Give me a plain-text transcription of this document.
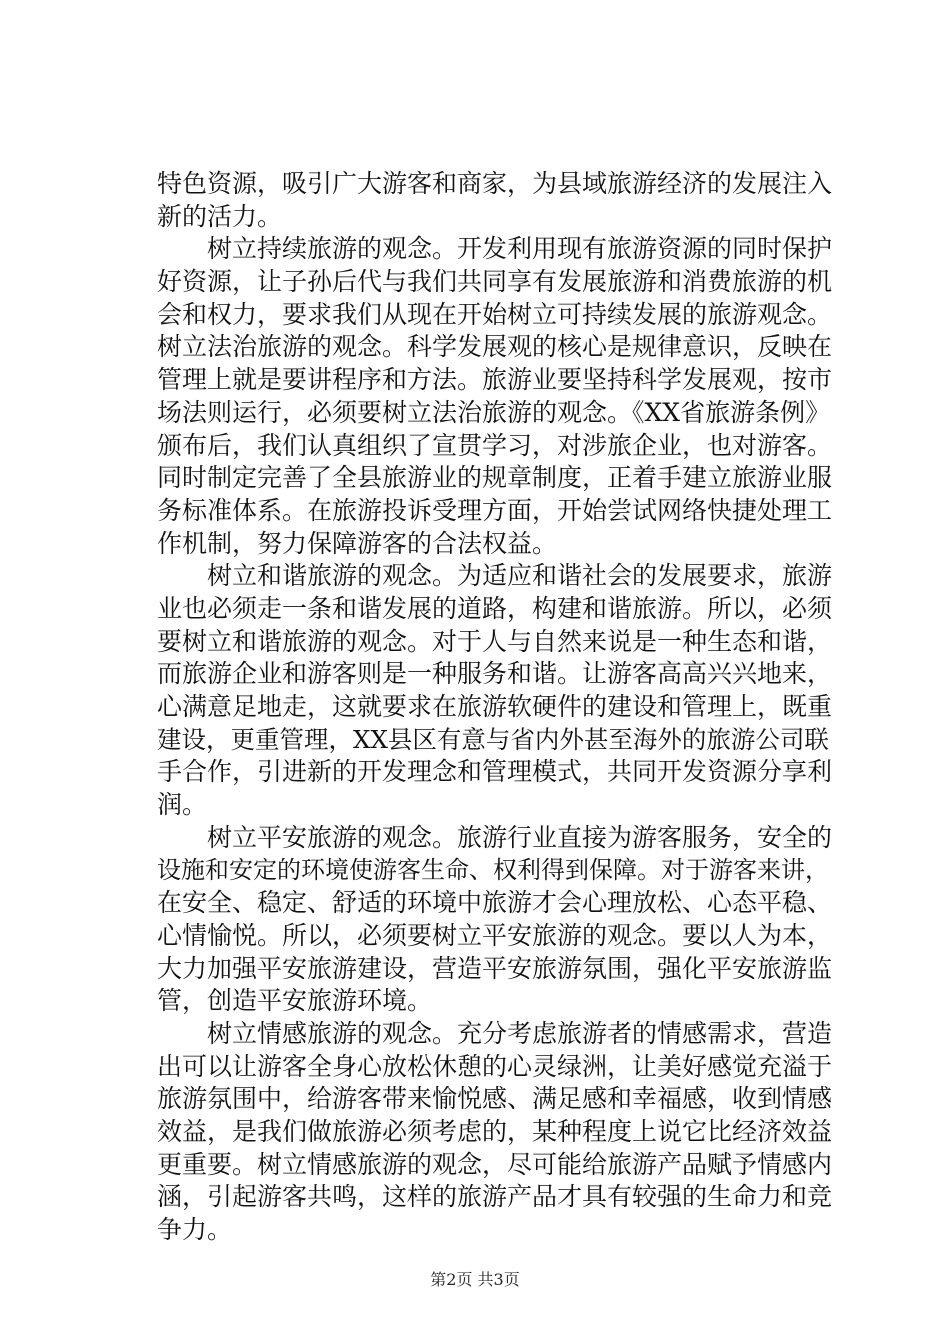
特色资源，吸引广大游客和商家，为县域旅游经济的发展注入
新的活力。
　　树立持续旅游的观念。开发利用现有旅游资源的同时保护
好资源，让子孙后代与我们共同享有发展旅游和消费旅游的机
会和权力，要求我们从现在开始树立可持续发展的旅游观念。
树立法治旅游的观念。科学发展观的核心是规律意识，反映在
管理上就是要讲程序和方法。旅游业要坚持科学发展观，按市
场法则运行，必须要树立法治旅游的观念。《XX省旅游条例》
颁布后，我们认真组织了宣贯学习，对涉旅企业，也对游客。
同时制定完善了全县旅游业的规章制度，正着手建立旅游业服
务标准体系。在旅游投诉受理方面，开始尝试网络快捷处理工
作机制，努力保障游客的合法权益。
　　树立和谐旅游的观念。为适应和谐社会的发展要求，旅游
业也必须走一条和谐发展的道路，构建和谐旅游。所以，必须
要树立和谐旅游的观念。对于人与自然来说是一种生态和谐，
而旅游企业和游客则是一种服务和谐。让游客高高兴兴地来，
心满意足地走，这就要求在旅游软硬件的建设和管理上，既重
建设，更重管理，XX县区有意与省内外甚至海外的旅游公司联
手合作，引进新的开发理念和管理模式，共同开发资源分享利
润。
　　树立平安旅游的观念。旅游行业直接为游客服务，安全的
设施和安定的环境使游客生命、权利得到保障。对于游客来讲，
在安全、稳定、舒适的环境中旅游才会心理放松、心态平稳、
心情愉悦。所以，必须要树立平安旅游的观念。要以人为本，
大力加强平安旅游建设，营造平安旅游氛围，强化平安旅游监
管，创造平安旅游环境。
　　树立情感旅游的观念。充分考虑旅游者的情感需求，营造
出可以让游客全身心放松休憩的心灵绿洲，让美好感觉充溢于
旅游氛围中，给游客带来愉悦感、满足感和幸福感，收到情感
效益，是我们做旅游必须考虑的，某种程度上说它比经济效益
更重要。树立情感旅游的观念，尽可能给旅游产品赋予情感内
涵，引起游客共鸣，这样的旅游产品才具有较强的生命力和竞
争力。
第2页 共3页
